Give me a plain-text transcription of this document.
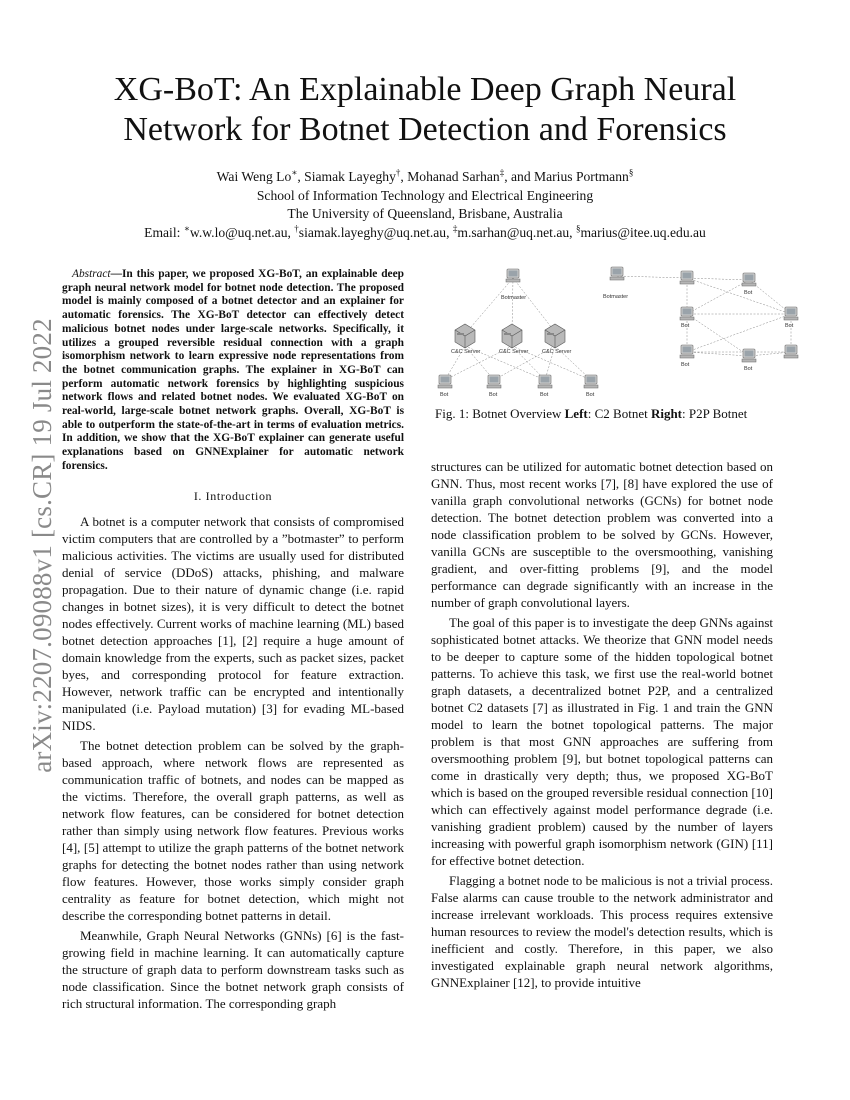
arXiv:2207.09088v1 [cs.CR] 19 Jul 2022
XG-BoT: An Explainable Deep Graph Neural
Network for Botnet Detection and Forensics
Wai Weng Lo∗, Siamak Layeghy†, Mohanad Sarhan‡, and Marius Portmann§
School of Information Technology and Electrical Engineering
The University of Queensland, Brisbane, Australia
Email: ∗w.w.lo@uq.net.au, †siamak.layeghy@uq.net.au, ‡m.sarhan@uq.net.au, §marius@itee.uq.edu.au

Abstract—In this paper, we proposed XG-BoT, an explainable deep graph neural network model for botnet node detection. The proposed model is mainly composed of a botnet detector and an explainer for automatic forensics. The XG-BoT detector can effectively detect malicious botnet nodes under large-scale networks. Specifically, it utilizes a grouped reversible residual connection with a graph isomorphism network to learn expressive node representations from the botnet communication graphs. The explainer in XG-BoT can perform automatic network forensics by highlighting suspicious network flows and related botnet nodes. We evaluated XG-BoT on real-world, large-scale botnet network graphs. Overall, XG-BoT is able to outperform the state-of-the-art in terms of evaluation metrics. In addition, we show that the XG-BoT explainer can generate useful explanations based on GNNExplainer for automatic network forensics.

I. Introduction

A botnet is a computer network that consists of compromised victim computers that are controlled by a ”botmaster” to perform malicious activities. The victims are usually used for distributed denial of service (DDoS) attacks, phishing, and malware propagation. Due to their nature of dynamic change (i.e. rapid changes in botnet sizes), it is very difficult to detect the botnet nodes effectively. Current works of machine learning (ML) based botnet detection approaches [1], [2] require a huge amount of domain knowledge from the experts, such as packet sizes, packet byes, and corresponding protocol for feature extraction. However, network traffic can be encrypted and intentionally manipulated (i.e. Payload mutation) [3] for evading ML-based NIDS.

The botnet detection problem can be solved by the graph-based approach, where network flows are represented as communication traffic of botnets, and nodes can be mapped as the victims. Therefore, the overall graph patterns, as well as network flow features, can be considered for botnet detection rather than simply using network flow features. Previous works [4], [5] attempt to utilize the graph patterns of the botnet network graphs for detecting the botnet nodes rather than using network flow features. However, those works simply consider graph centrality as feature for botnet detection, which might not describe the corresponding botnet patterns in detail.

Meanwhile, Graph Neural Networks (GNNs) [6] is the fast-growing field in machine learning. It can automatically capture the structure of graph data to perform downstream tasks such as node classification. Since the botnet network graph consists of rich structural information. The corresponding graph

Botmaster
C&C Server	C&C Server C&C Server
Bot	Bot	Bot	Bot
Botmaster
Bot
Bot
Bot
Bot
Bot
Fig. 1: Botnet Overview Left: C2 Botnet Right: P2P Botnet

structures can be utilized for automatic botnet detection based on GNN. Thus, most recent works [7], [8] have explored the use of vanilla graph convolutional networks (GCNs) for botnet node detection. The botnet detection problem was converted into a node classification problem to be solved by GCNs. However, vanilla GCNs are susceptible to the oversmoothing, vanishing gradient, and over-fitting problems [9], and the model performance can degrade significantly with an increase in the number of graph convolutional layers.

The goal of this paper is to investigate the deep GNNs against sophisticated botnet attacks. We theorize that GNN model needs to be deeper to capture some of the hidden topological botnet patterns. To achieve this task, we first use the real-world botnet graph datasets, a decentralized botnet P2P, and a centralized botnet C2 datasets [7] as illustrated in Fig. 1 and train the GNN model to learn the botnet topological patterns. The major problem is that most GNN approaches are suffering from oversmoothing problem [9], but botnet topological patterns can come in drastically very depth; thus, we proposed XG-BoT which is based on the grouped reversible residual connection [10] which can effectively against model performance degrade (i.e. vanishing gradient problem) caused by the number of layers increasing with powerful graph isomorphism network (GIN) [11] for effective botnet detection.

Flagging a botnet node to be malicious is not a trivial process. False alarms can cause trouble to the network administrator and increase irrelevant workloads. This process requires extensive human resources to review the model's detection results, which is inefficient and costly. Therefore, in this paper, we also investigated explainable graph neural network algorithms, GNNExplainer [12], to provide intuitive
